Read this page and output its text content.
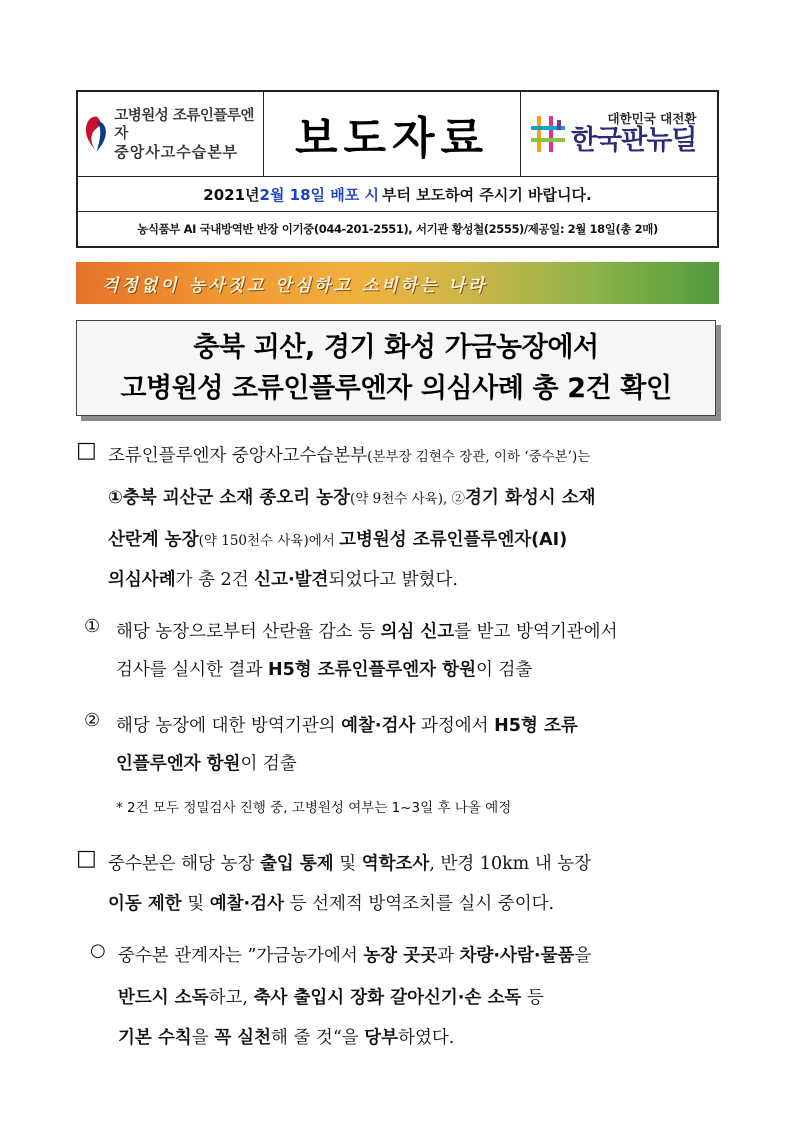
고병원성 조류인플루엔자
중앙사고수습본부	보도자료	대한민국 대전환
한국판뉴딜
2021년 2월 18일 배포 시 부터 보도하여 주시기 바랍니다.
농식품부 AI 국내방역반 반장 이기중(044-201-2551), 서기관 황성철(2555)/제공일: 2월 18일(총 2매)
걱정없이 농사짓고 안심하고 소비하는 나라
충북 괴산, 경기 화성 가금농장에서
고병원성 조류인플루엔자 의심사례 총 2건 확인
□ 조류인플루엔자 중앙사고수습본부(본부장 김현수 장관, 이하 ‘중수본’)는
①충북 괴산군 소재 종오리 농장(약 9천수 사육), ②경기 화성시 소재
산란계 농장(약 150천수 사육)에서 고병원성 조류인플루엔자(AI)
의심사례가 총 2건 신고·발견되었다고 밝혔다.
① 해당 농장으로부터 산란율 감소 등 의심 신고를 받고 방역기관에서
검사를 실시한 결과 H5형 조류인플루엔자 항원이 검출
② 해당 농장에 대한 방역기관의 예찰·검사 과정에서 H5형 조류
인플루엔자 항원이 검출
* 2건 모두 정밀검사 진행 중, 고병원성 여부는 1~3일 후 나올 예정
□ 중수본은 해당 농장 출입 통제 및 역학조사, 반경 10km 내 농장
이동 제한 및 예찰·검사 등 선제적 방역조치를 실시 중이다.
○ 중수본 관계자는 ”가금농가에서 농장 곳곳과 차량·사람·물품을
반드시 소독하고, 축사 출입시 장화 갈아신기·손 소독 등
기본 수칙을 꼭 실천해 줄 것“을 당부하였다.
